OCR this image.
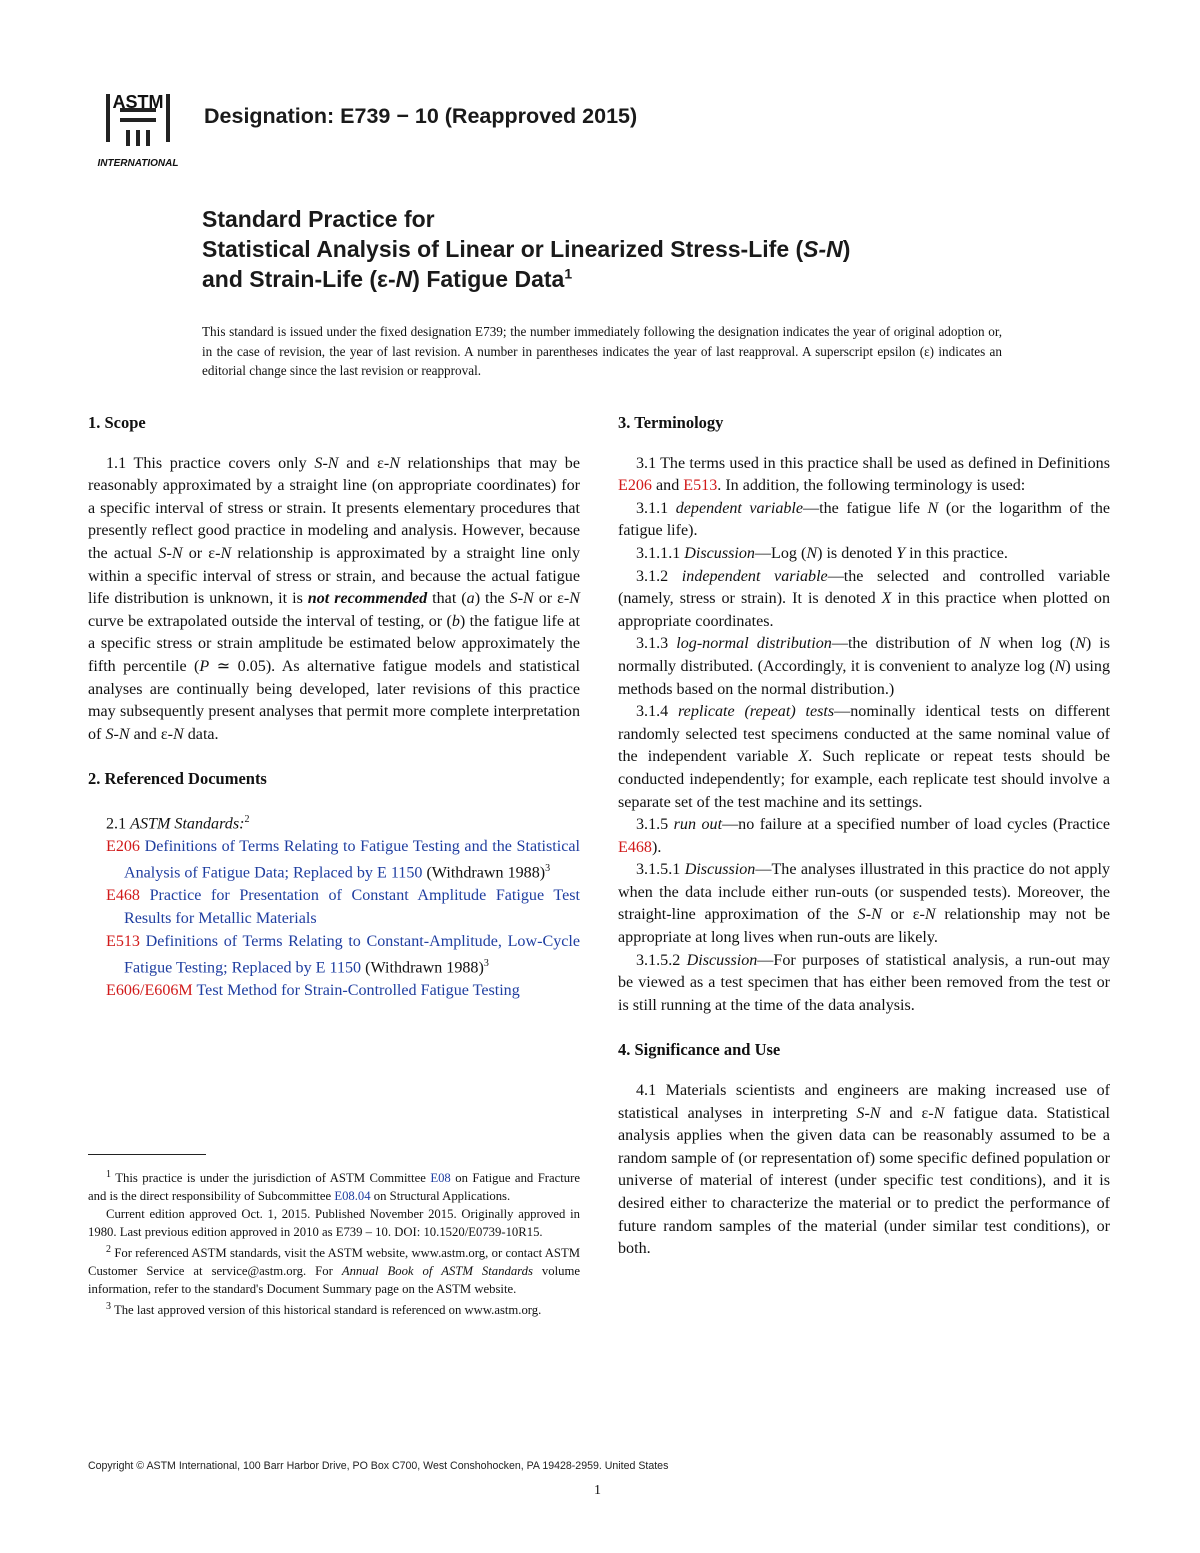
ASTM
INTERNATIONAL
Designation: E739 − 10 (Reapproved 2015)
Standard Practice for
Statistical Analysis of Linear or Linearized Stress-Life (S-N)
and Strain-Life (ε-N) Fatigue Data$^1$
This standard is issued under the fixed designation E739; the number immediately following the designation indicates the year of original adoption or, in the case of revision, the year of last revision. A number in parentheses indicates the year of last reapproval. A superscript epsilon (ε) indicates an editorial change since the last revision or reapproval.

1. Scope

1.1 This practice covers only S-N and ε-N relationships that may be reasonably approximated by a straight line (on appropriate coordinates) for a specific interval of stress or strain. It presents elementary procedures that presently reflect good practice in modeling and analysis. However, because the actual S-N or ε-N relationship is approximated by a straight line only within a specific interval of stress or strain, and because the actual fatigue life distribution is unknown, it is not recommended that (a) the S-N or ε-N curve be extrapolated outside the interval of testing, or (b) the fatigue life at a specific stress or strain amplitude be estimated below approximately the fifth percentile (P ≃ 0.05). As alternative fatigue models and statistical analyses are continually being developed, later revisions of this practice may subsequently present analyses that permit more complete interpretation of S-N and ε-N data.

2. Referenced Documents

2.1 ASTM Standards:$^2$

E206 Definitions of Terms Relating to Fatigue Testing and the Statistical Analysis of Fatigue Data; Replaced by E 1150 (Withdrawn 1988)$^3$

E468 Practice for Presentation of Constant Amplitude Fatigue Test Results for Metallic Materials

E513 Definitions of Terms Relating to Constant-Amplitude, Low-Cycle Fatigue Testing; Replaced by E 1150 (Withdrawn 1988)$^3$

E606/E606M Test Method for Strain-Controlled Fatigue Testing

$^1$ This practice is under the jurisdiction of ASTM Committee E08 on Fatigue and Fracture and is the direct responsibility of Subcommittee E08.04 on Structural Applications.

Current edition approved Oct. 1, 2015. Published November 2015. Originally approved in 1980. Last previous edition approved in 2010 as E739 – 10. DOI: 10.1520/E0739-10R15.

$^2$ For referenced ASTM standards, visit the ASTM website, www.astm.org, or contact ASTM Customer Service at service@astm.org. For Annual Book of ASTM Standards volume information, refer to the standard's Document Summary page on the ASTM website.

$^3$ The last approved version of this historical standard is referenced on www.astm.org.

3. Terminology

3.1 The terms used in this practice shall be used as defined in Definitions E206 and E513. In addition, the following terminology is used:

3.1.1 dependent variable—the fatigue life N (or the logarithm of the fatigue life).

3.1.1.1 Discussion—Log (N) is denoted Y in this practice.

3.1.2 independent variable—the selected and controlled variable (namely, stress or strain). It is denoted X in this practice when plotted on appropriate coordinates.

3.1.3 log-normal distribution—the distribution of N when log (N) is normally distributed. (Accordingly, it is convenient to analyze log (N) using methods based on the normal distribution.)

3.1.4 replicate (repeat) tests—nominally identical tests on different randomly selected test specimens conducted at the same nominal value of the independent variable X. Such replicate or repeat tests should be conducted independently; for example, each replicate test should involve a separate set of the test machine and its settings.

3.1.5 run out—no failure at a specified number of load cycles (Practice E468).

3.1.5.1 Discussion—The analyses illustrated in this practice do not apply when the data include either run-outs (or suspended tests). Moreover, the straight-line approximation of the S-N or ε-N relationship may not be appropriate at long lives when run-outs are likely.

3.1.5.2 Discussion—For purposes of statistical analysis, a run-out may be viewed as a test specimen that has either been removed from the test or is still running at the time of the data analysis.

4. Significance and Use

4.1 Materials scientists and engineers are making increased use of statistical analyses in interpreting S-N and ε-N fatigue data. Statistical analysis applies when the given data can be reasonably assumed to be a random sample of (or representation of) some specific defined population or universe of material of interest (under specific test conditions), and it is desired either to characterize the material or to predict the performance of future random samples of the material (under similar test conditions), or both.

Copyright © ASTM International, 100 Barr Harbor Drive, PO Box C700, West Conshohocken, PA 19428-2959. United States
1
